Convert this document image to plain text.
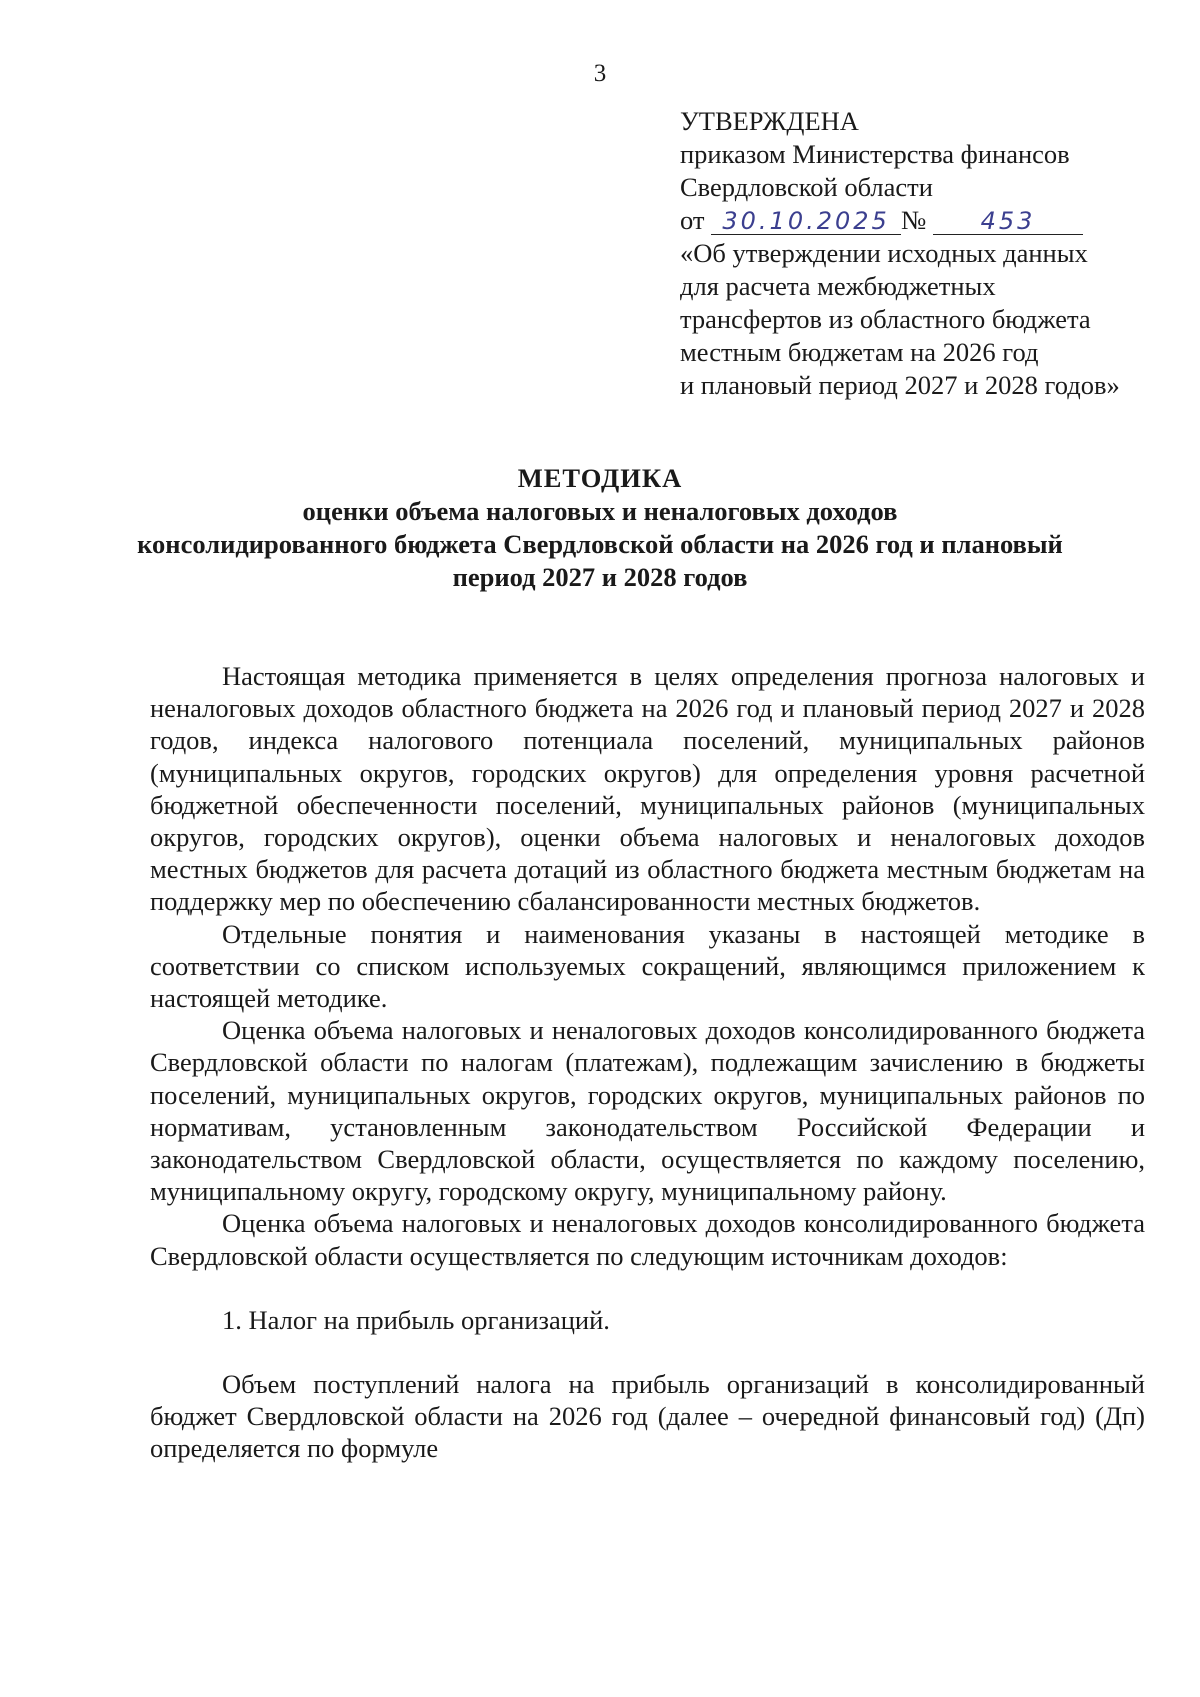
3
УТВЕРЖДЕНА
приказом Министерства финансов
Свердловской области
от 30.10.2025 № 453
«Об утверждении исходных данных
для расчета межбюджетных
трансфертов из областного бюджета
местным бюджетам на 2026 год
и плановый период 2027 и 2028 годов»
МЕТОДИКА
оценки объема налоговых и неналоговых доходов
консолидированного бюджета Свердловской области на 2026 год и плановый
период 2027 и 2028 годов

Настоящая методика применяется в целях определения прогноза налоговых и неналоговых доходов областного бюджета на 2026 год и плановый период 2027 и 2028 годов, индекса налогового потенциала поселений, муниципальных районов (муниципальных округов, городских округов) для определения уровня расчетной бюджетной обеспеченности поселений, муниципальных районов (муниципальных округов, городских округов), оценки объема налоговых и неналоговых доходов местных бюджетов для расчета дотаций из областного бюджета местным бюджетам на поддержку мер по обеспечению сбалансированности местных бюджетов.

Отдельные понятия и наименования указаны в настоящей методике в соответствии со списком используемых сокращений, являющимся приложением к настоящей методике.

Оценка объема налоговых и неналоговых доходов консолидированного бюджета Свердловской области по налогам (платежам), подлежащим зачислению в бюджеты поселений, муниципальных округов, городских округов, муниципальных районов по нормативам, установленным законодательством Российской Федерации и законодательством Свердловской области, осуществляется по каждому поселению, муниципальному округу, городскому округу, муниципальному району.

Оценка объема налоговых и неналоговых доходов консолидированного бюджета Свердловской области осуществляется по следующим источникам доходов:

1. Налог на прибыль организаций.

Объем поступлений налога на прибыль организаций в консолидированный бюджет Свердловской области на 2026 год (далее – очередной финансовый год) (Дп) определяется по формуле
